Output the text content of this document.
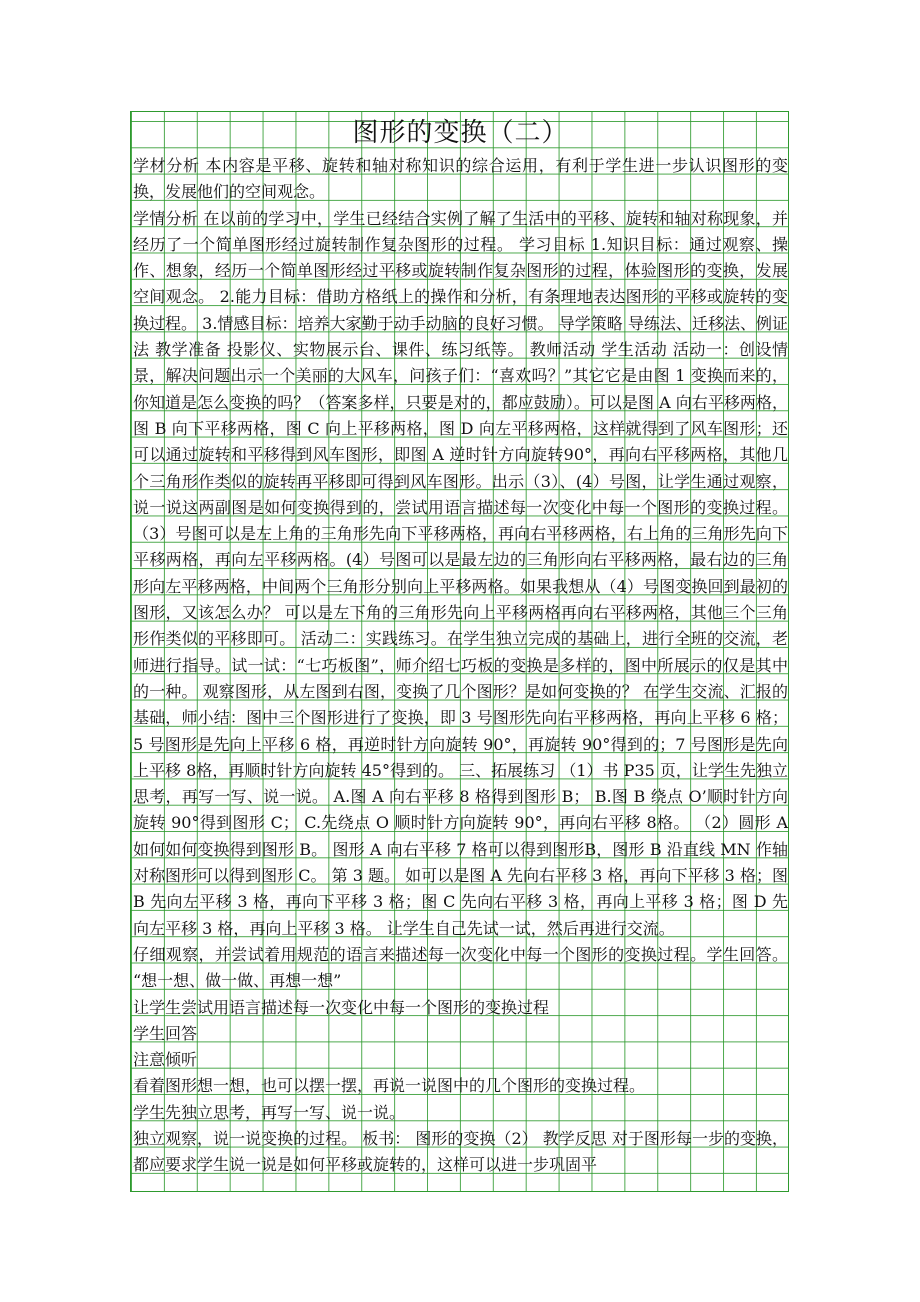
图形的变换（二）

学材分析 本内容是平移、旋转和轴对称知识的综合运用，有利于学生进一步认识图形的变换，发展他们的空间观念。

学情分析 在以前的学习中，学生已经结合实例了解了生活中的平移、旋转和轴对称现象，并经历了一个简单图形经过旋转制作复杂图形的过程。 学习目标 1.知识目标：通过观察、操作、想象，经历一个简单图形经过平移或旋转制作复杂图形的过程，体验图形的变换，发展空间观念。 2.能力目标：借助方格纸上的操作和分析，有条理地表达图形的平移或旋转的变换过程。 3.情感目标：培养大家勤于动手动脑的良好习惯。 导学策略 导练法、迁移法、例证法 教学准备 投影仪、实物展示台、课件、练习纸等。 教师活动 学生活动 活动一：创设情景，解决问题出示一个美丽的大风车，问孩子们：“喜欢吗？”其它它是由图 1 变换而来的，你知道是怎么变换的吗？（答案多样，只要是对的，都应鼓励）。可以是图 A 向右平移两格，图 B 向下平移两格，图 C 向上平移两格，图 D 向左平移两格，这样就得到了风车图形；还可以通过旋转和平移得到风车图形，即图 A 逆时针方向旋转90°，再向右平移两格，其他几个三角形作类似的旋转再平移即可得到风车图形。出示（3）、(4）号图，让学生通过观察，说一说这两副图是如何变换得到的，尝试用语言描述每一次变化中每一个图形的变换过程。（3）号图可以是左上角的三角形先向下平移两格，再向右平移两格，右上角的三角形先向下平移两格，再向左平移两格。(4）号图可以是最左边的三角形向右平移两格，最右边的三角形向左平移两格，中间两个三角形分别向上平移两格。如果我想从（4）号图变换回到最初的图形，又该怎么办？ 可以是左下角的三角形先向上平移两格再向右平移两格，其他三个三角形作类似的平移即可。 活动二：实践练习。在学生独立完成的基础上，进行全班的交流，老师进行指导。试一试：“七巧板图”，师介绍七巧板的变换是多样的，图中所展示的仅是其中的一种。 观察图形，从左图到右图，变换了几个图形？是如何变换的？ 在学生交流、汇报的基础，师小结：图中三个图形进行了变换，即 3 号图形先向右平移两格，再向上平移 6 格；5 号图形是先向上平移 6 格，再逆时针方向旋转 90°，再旋转 90°得到的；7 号图形是先向上平移 8格，再顺时针方向旋转 45°得到的。 三、拓展练习 （1）书 P35 页，让学生先独立思考，再写一写、说一说。 A.图 A 向右平移 8 格得到图形 B； B.图 B 绕点 O’顺时针方向旋转 90°得到图形 C； C.先绕点 O 顺时针方向旋转 90°，再向右平移 8格。 （2）圆形 A 如何如何变换得到图形 B。 图形 A 向右平移 7 格可以得到图形B，图形 B 沿直线 MN 作轴对称图形可以得到图形 C。 第 3 题。 如可以是图 A 先向右平移 3 格，再向下平移 3 格；图 B 先向左平移 3 格，再向下平移 3 格；图 C 先向右平移 3 格，再向上平移 3 格；图 D 先向左平移 3 格，再向上平移 3 格。 让学生自己先试一试，然后再进行交流。

仔细观察，并尝试着用规范的语言来描述每一次变化中每一个图形的变换过程。学生回答。 “想一想、做一做、再想一想”

让学生尝试用语言描述每一次变化中每一个图形的变换过程

学生回答

注意倾听

看着图形想一想，也可以摆一摆，再说一说图中的几个图形的变换过程。

学生先独立思考，再写一写、说一说。

独立观察，说一说变换的过程。 板书： 图形的变换（2） 教学反思 对于图形每一步的变换，都应要求学生说一说是如何平移或旋转的，这样可以进一步巩固平
